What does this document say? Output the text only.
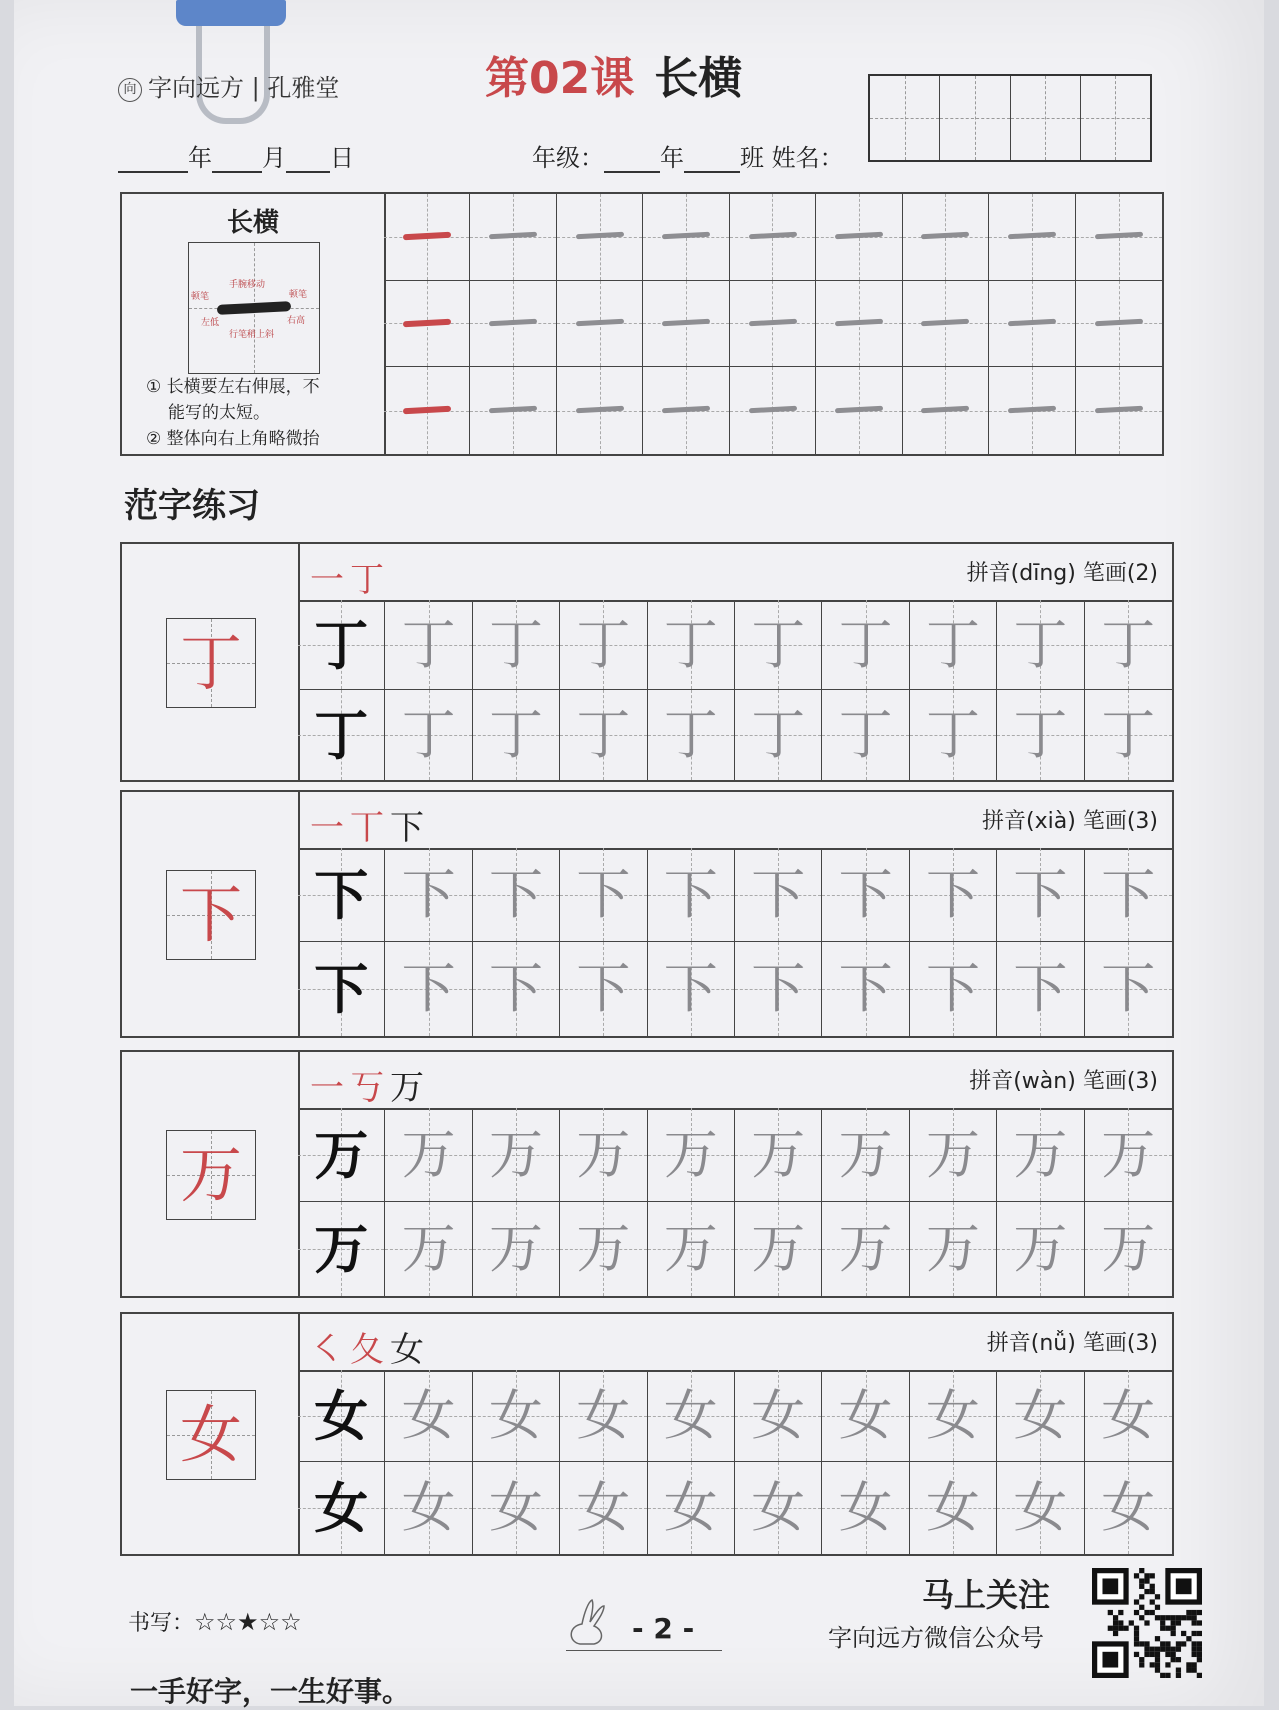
向 字向远方 | 孔雅堂	第02课 长横
年 月 日	年级： 年 班 姓名：
长横
手腕移动
顿笔	顿笔
左低	右高
行笔稍上斜
① 长横要左右伸展，不
能写的太短。
② 整体向右上角略微抬
范字练习
丁
一丁	拼音(dīng) 笔画(2)
丁 丁 丁 丁 丁 丁 丁 丁 丁 丁
丁 丁 丁 丁 丁 丁 丁 丁 丁 丁
下
一丅下	拼音(xià) 笔画(3)
下 下 下 下 下 下 下 下 下 下
下 下 下 下 下 下 下 下 下 下
万
一丂万	拼音(wàn) 笔画(3)
万 万 万 万 万 万 万 万 万 万
万 万 万 万 万 万 万 万 万 万
女
㇛夂女	拼音(nǚ) 笔画(3)
女 女 女 女 女 女 女 女 女 女
女 女 女 女 女 女 女 女 女 女
书写：☆☆★☆☆	- 2 -
马上关注
字向远方微信公众号
一手好字，一生好事。
